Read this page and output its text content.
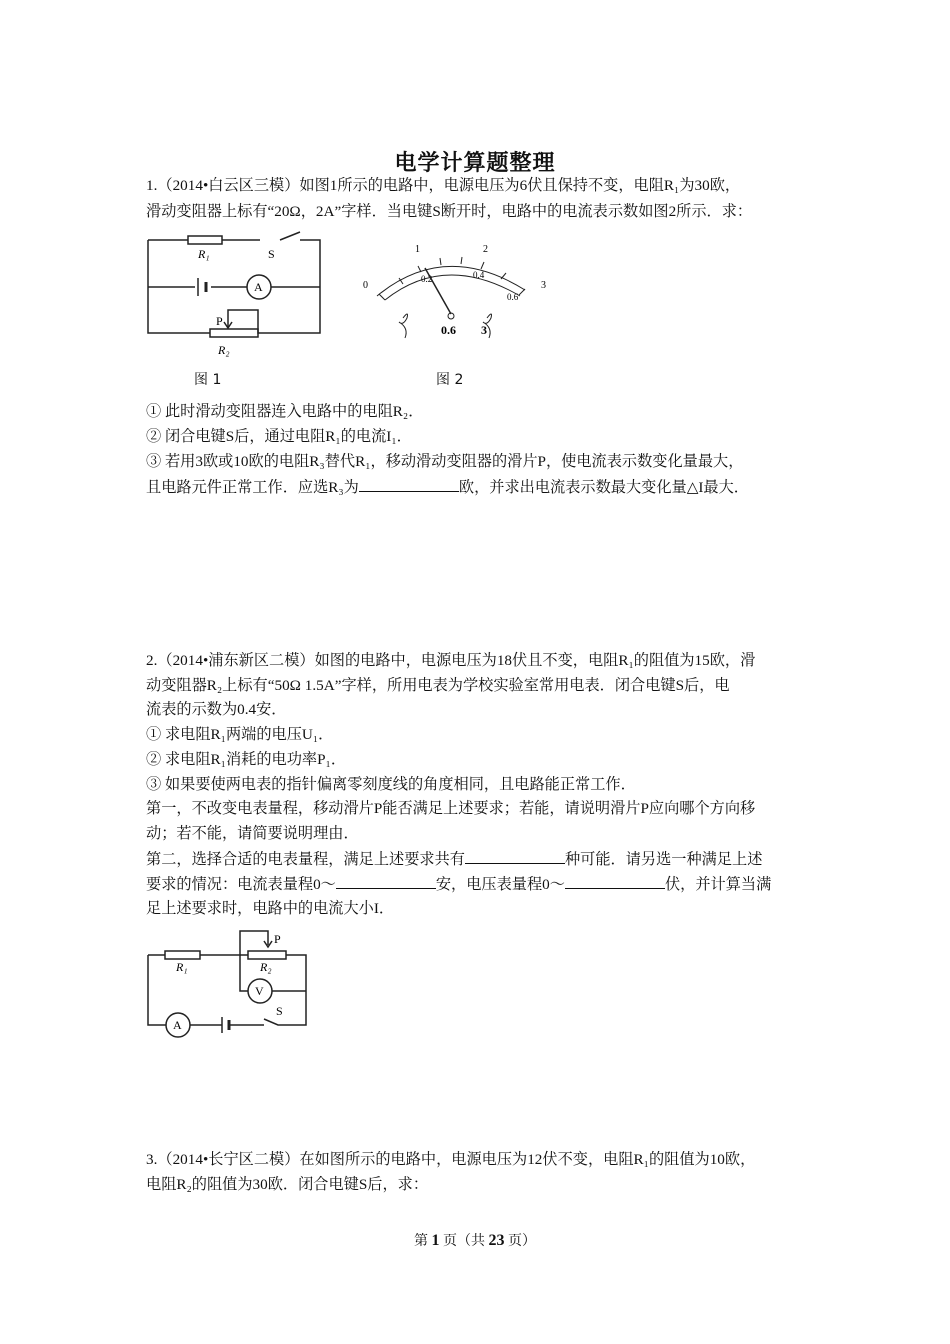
电学计算题整理
1.（2014•白云区三模）如图1所示的电路中，电源电压为6伏且保持不变，电阻R₁为30欧，
滑动变阻器上标有“20Ω，2A”字样．当电键S断开时，电路中的电流表示数如图2所示．求：
R₁	S
A
P
R₂
0
1	2
3
0.2	0.4
0.6
0.6 3
图 1	图 2
① 此时滑动变阻器连入电路中的电阻R₂．
② 闭合电键S后，通过电阻R₁的电流I₁．
③ 若用3欧或10欧的电阻R₃替代R₁，移动滑动变阻器的滑片P，使电流表示数变化量最大，
且电路元件正常工作．应选R₃为	欧，并求出电流表示数最大变化量△I最大．
2.（2014•浦东新区二模）如图的电路中，电源电压为18伏且不变，电阻R₁的阻值为15欧，滑
动变阻器R₂上标有“50Ω 1.5A”字样，所用电表为学校实验室常用电表．闭合电键S后，电
流表的示数为0.4安．
① 求电阻R₁两端的电压U₁．
② 求电阻R₁消耗的电功率P₁．
③ 如果要使两电表的指针偏离零刻度线的角度相同，且电路能正常工作．
第一，不改变电表量程，移动滑片P能否满足上述要求；若能，请说明滑片P应向哪个方向移
动；若不能，请简要说明理由．
第二，选择合适的电表量程，满足上述要求共有	种可能．请另选一种满足上述
要求的情况：电流表量程0～	安，电压表量程0～	伏，并计算当满
足上述要求时，电路中的电流大小I．
P
R₁	R₂
V
A
S
3.（2014•长宁区二模）在如图所示的电路中，电源电压为12伏不变，电阻R₁的阻值为10欧，
电阻R₂的阻值为30欧．闭合电键S后，求：
第 1 页（共 23 页）
